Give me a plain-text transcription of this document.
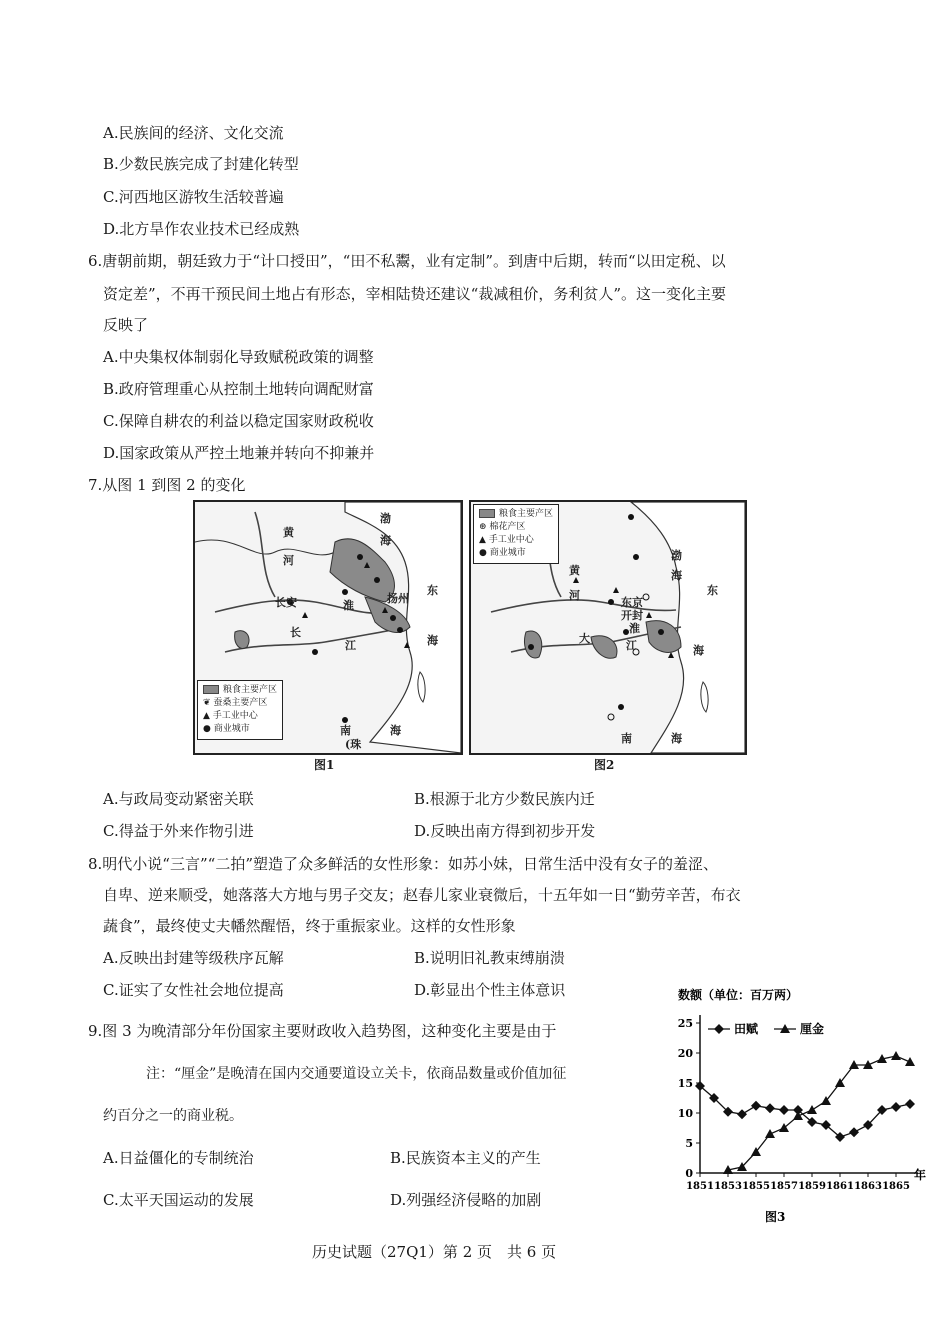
A.民族间的经济、文化交流
B.少数民族完成了封建化转型
C.河西地区游牧生活较普遍
D.北方旱作农业技术已经成熟
6.唐朝前期，朝廷致力于“计口授田”，“田不私鬻，业有定制”。到唐中后期，转而“以田定税、以
资定差”，不再干预民间土地占有形态，宰相陆贽还建议“裁减租价，务利贫人”。这一变化主要
反映了
A.中央集权体制弱化导致赋税政策的调整
B.政府管理重心从控制土地转向调配财富
C.保障自耕农的利益以稳定国家财政税收
D.国家政策从严控土地兼并转向不抑兼并
7.从图 1 到图 2 的变化
黄
河
长安
长
江
渤
海
淮
东
海
扬州
南
(珠
海
粮食主要产区
❦ 蚕桑主要产区
▲ 手工业中心
● 商业城市
图1
粮食主要产区
⊛ 棉花产区
▲ 手工业中心
● 商业城市
黄
河
渤
海
东京
开封
淮
东
海
大
江
南	海
图2
A.与政局变动紧密关联	B.根源于北方少数民族内迁
C.得益于外来作物引进	D.反映出南方得到初步开发
8.明代小说“三言”“二拍”塑造了众多鲜活的女性形象：如苏小妹，日常生活中没有女子的羞涩、
自卑、逆来顺受，她落落大方地与男子交友；赵春儿家业衰微后，十五年如一日“勤劳辛苦，布衣
蔬食”，最终使丈夫幡然醒悟，终于重振家业。这样的女性形象
A.反映出封建等级秩序瓦解	B.说明旧礼教束缚崩溃
C.证实了女性社会地位提高	D.彰显出个性主体意识
9.图 3 为晚清部分年份国家主要财政收入趋势图，这种变化主要是由于
注：“厘金”是晚清在国内交通要道设立关卡，依商品数量或价值加征
约百分之一的商业税。
A.日益僵化的专制统治	B.民族资本主义的产生
C.太平天国运动的发展	D.列强经济侵略的加剧
数额（单位：百万两）
0
5
10
15
20
25
1851 1853 1855 1857 1859 1861 1863 1865
田赋	厘金
年
图3
历史试题（27Q1）第 2 页　共 6 页
